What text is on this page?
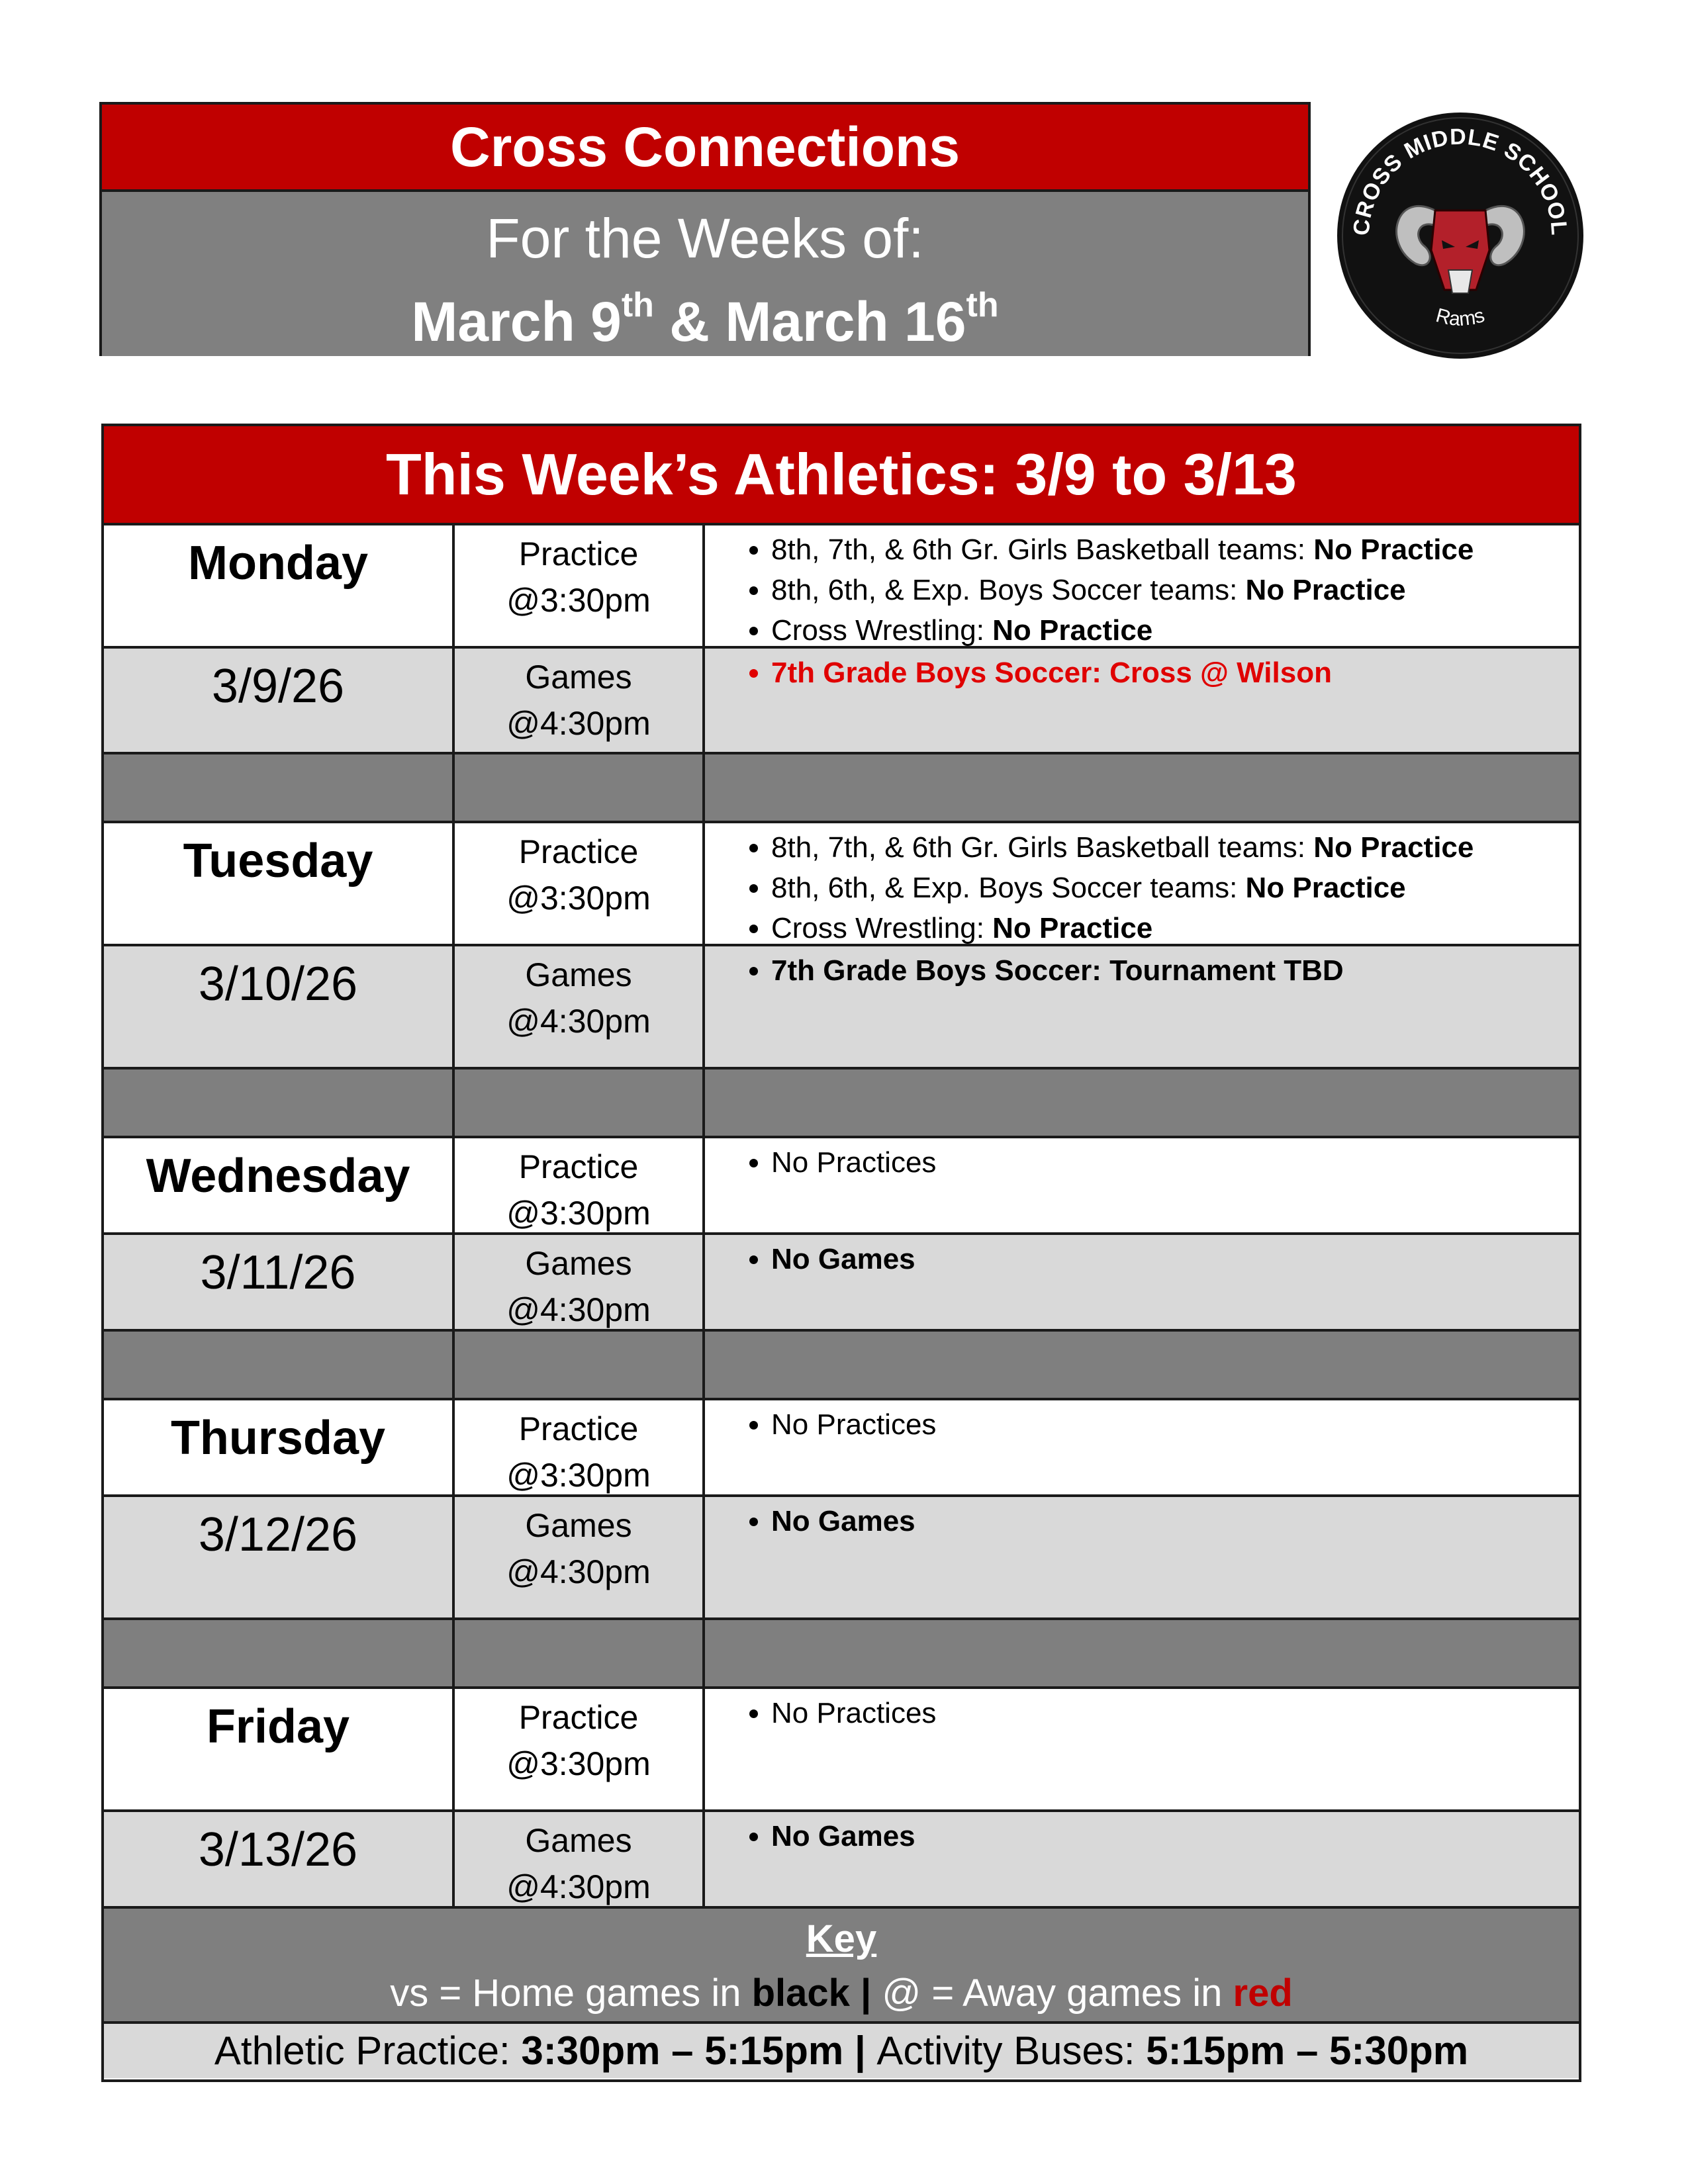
Cross Connections
For the Weeks of:
March 9th & March 16th
CROSS MIDDLE SCHOOL
Rams
This Week’s Athletics: 3/9 to 3/13
Monday	Practice
@3:30pm
• 8th, 7th, & 6th Gr. Girls Basketball teams: No Practice
• 8th, 6th, & Exp. Boys Soccer teams: No Practice
• Cross Wrestling: No Practice
3/9/26	Games
@4:30pm
• 7th Grade Boys Soccer: Cross @ Wilson
Tuesday	Practice
@3:30pm
• 8th, 7th, & 6th Gr. Girls Basketball teams: No Practice
• 8th, 6th, & Exp. Boys Soccer teams: No Practice
• Cross Wrestling: No Practice
3/10/26	Games
@4:30pm
• 7th Grade Boys Soccer: Tournament TBD
Wednesday	Practice
@3:30pm
• No Practices
3/11/26	Games
@4:30pm
• No Games
Thursday	Practice
@3:30pm
• No Practices
3/12/26	Games
@4:30pm
• No Games
Friday	Practice
@3:30pm
• No Practices
3/13/26	Games
@4:30pm
• No Games
Key
vs = Home games in black | @ = Away games in red
Athletic Practice: 3:30pm – 5:15pm | Activity Buses: 5:15pm – 5:30pm
